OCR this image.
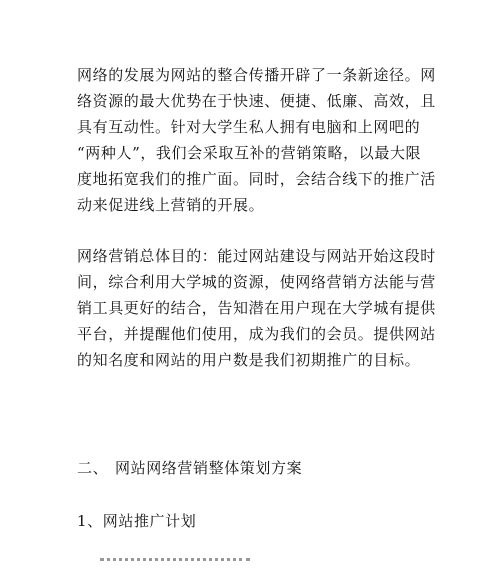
网络的发展为网站的整合传播开辟了一条新途径。网
络资源的最大优势在于快速、便捷、低廉、高效，且
具有互动性。针对大学生私人拥有电脑和上网吧的
“两种人”，我们会采取互补的营销策略，以最大限
度地拓宽我们的推广面。同时，会结合线下的推广活
动来促进线上营销的开展。

网络营销总体目的：能过网站建设与网站开始这段时
间，综合利用大学城的资源，使网络营销方法能与营
销工具更好的结合，告知潜在用户现在大学城有提供
平台，并提醒他们使用，成为我们的会员。提供网站
的知名度和网站的用户数是我们初期推广的目标。

二、 网站网络营销整体策划方案

1、网站推广计划
